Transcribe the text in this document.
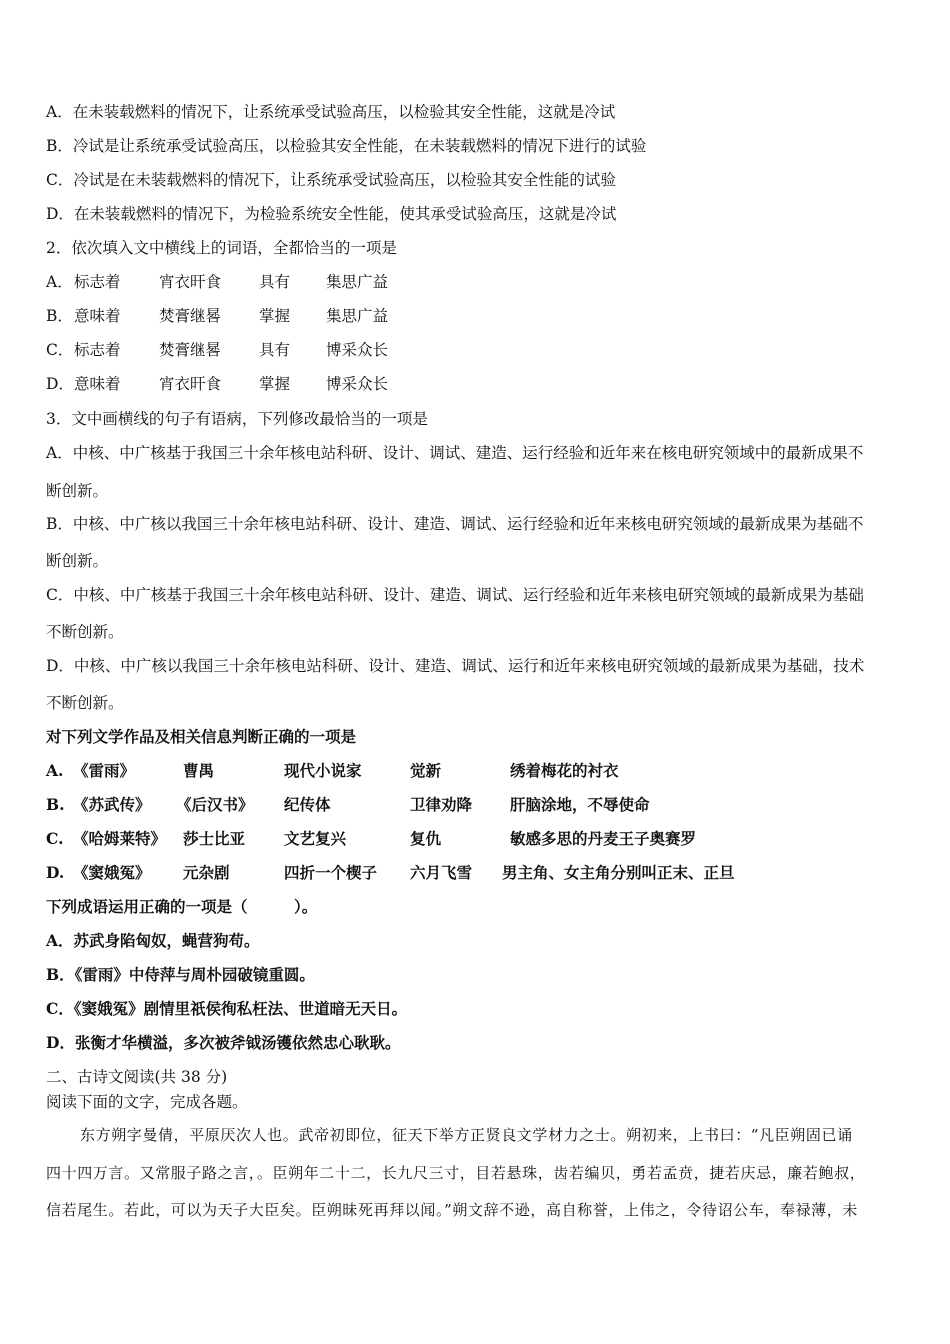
A．在未装载燃料的情况下，让系统承受试验高压，以检验其安全性能，这就是冷试
B．冷试是让系统承受试验高压，以检验其安全性能，在未装载燃料的情况下进行的试验
C．冷试是在未装载燃料的情况下，让系统承受试验高压，以检验其安全性能的试验
D．在未装载燃料的情况下，为检验系统安全性能，使其承受试验高压，这就是冷试
2．依次填入文中横线上的词语，全都恰当的一项是
A． 标志着 宵衣旰食 具有 集思广益
B． 意味着 焚膏继晷 掌握 集思广益
C． 标志着 焚膏继晷 具有 博采众长
D． 意味着 宵衣旰食 掌握 博采众长
3．文中画横线的句子有语病，下列修改最恰当的一项是
A．中核、中广核基于我国三十余年核电站科研、设计、调试、建造、运行经验和近年来在核电研究领域中的最新成果不
断创新。
B．中核、中广核以我国三十余年核电站科研、设计、建造、调试、运行经验和近年来核电研究领域的最新成果为基础不
断创新。
C．中核、中广核基于我国三十余年核电站科研、设计、建造、调试、运行经验和近年来核电研究领域的最新成果为基础
不断创新。
D．中核、中广核以我国三十余年核电站科研、设计、建造、调试、运行和近年来核电研究领域的最新成果为基础，技术
不断创新。
对下列文学作品及相关信息判断正确的一项是
A. 《雷雨》	曹禺	现代小说家	觉新	绣着梅花的衬衣
B. 《苏武传》 《后汉书》 纪传体	卫律劝降 肝脑涂地，不辱使命
C. 《哈姆莱特》 莎士比亚	文艺复兴	复仇	敏感多思的丹麦王子奥赛罗
D. 《窦娥冤》 元杂剧	四折一个楔子 六月飞雪 男主角、女主角分别叫正末、正旦
下列成语运用正确的一项是（　　　）。
A．苏武身陷匈奴，蝇营狗苟。
B．《雷雨》中侍萍与周朴园破镜重圆。
C．《窦娥冤》剧情里祇侯徇私枉法、世道暗无天日。
D．张衡才华横溢，多次被斧钺汤镬依然忠心耿耿。
二、古诗文阅读(共 38 分)
阅读下面的文字，完成各题。
东方朔字曼倩，平原厌次人也。武帝初即位，征天下举方正贤良文学材力之士。朔初来，上书曰：“凡臣朔固已诵
四十四万言。又常服子路之言，。臣朔年二十二，长九尺三寸，目若悬珠，齿若编贝，勇若孟贲，捷若庆忌，廉若鲍叔，
信若尾生。若此，可以为天子大臣矣。臣朔昧死再拜以闻。”朔文辞不逊，高自称誉，上伟之，令待诏公车，奉禄薄，未
